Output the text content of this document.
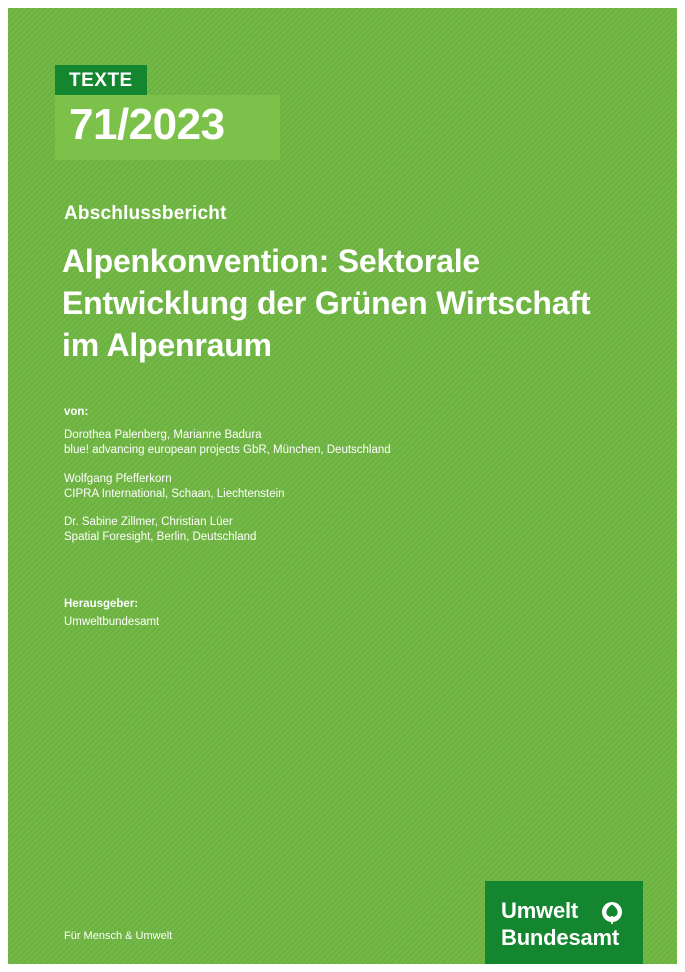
TEXTE
71/2023
Abschlussbericht
Alpenkonvention: Sektorale Entwicklung der Grünen Wirtschaft im Alpenraum
von:
Dorothea Palenberg, Marianne Badura
blue! advancing european projects GbR, München, Deutschland
Wolfgang Pfefferkorn
CIPRA International, Schaan, Liechtenstein
Dr. Sabine Zillmer, Christian Lüer
Spatial Foresight, Berlin, Deutschland
Herausgeber:
Umweltbundesamt
Für Mensch & Umwelt
Umwelt
Bundesamt
